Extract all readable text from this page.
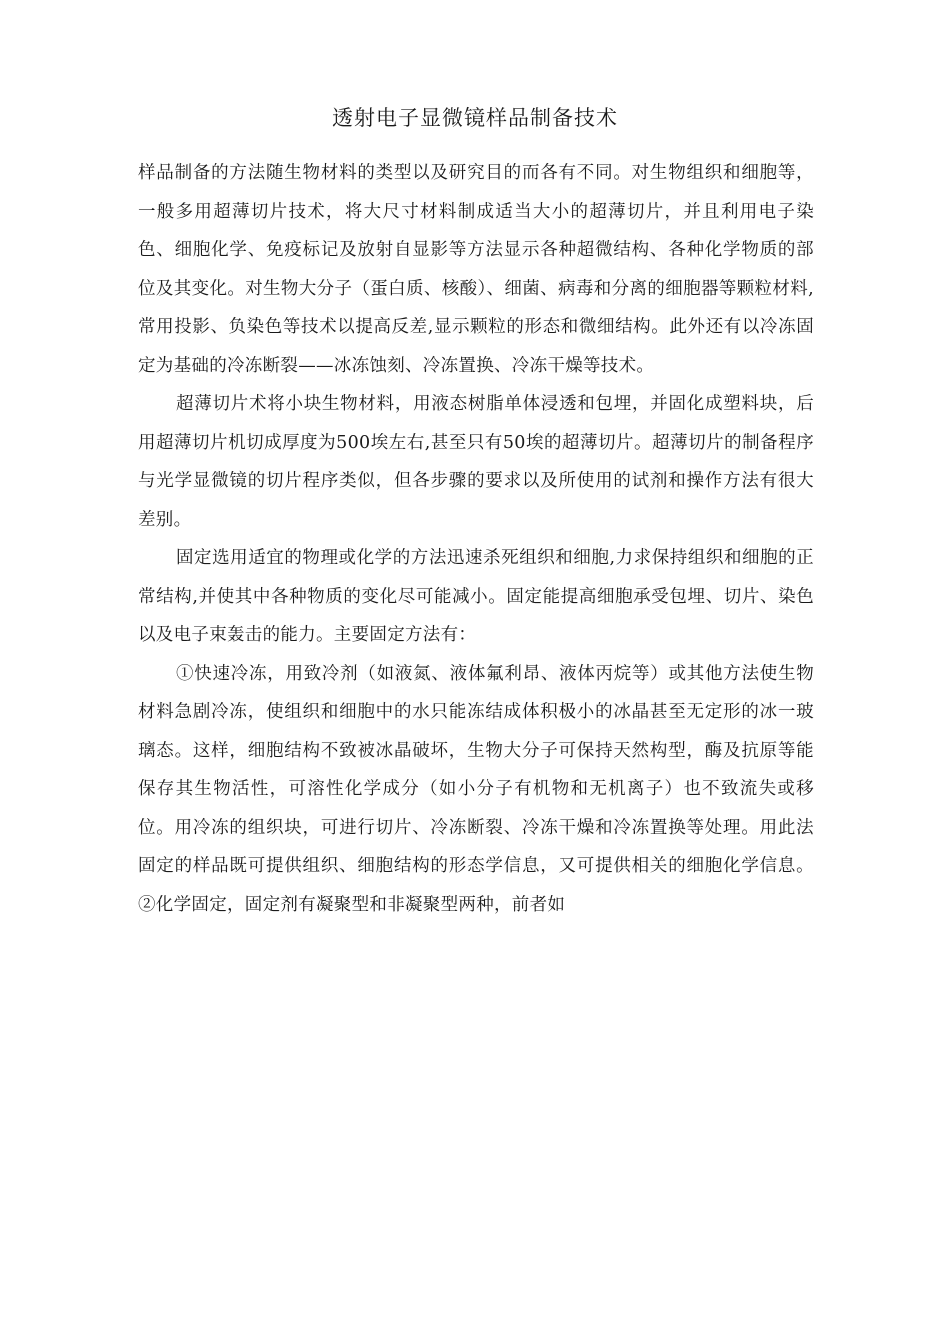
透射电子显微镜样品制备技术

样品制备的方法随生物材料的类型以及研究目的而各有不同。对生物组织和细胞等，一般多用超薄切片技术，将大尺寸材料制成适当大小的超薄切片，并且利用电子染色、细胞化学、免疫标记及放射自显影等方法显示各种超微结构、各种化学物质的部位及其变化。对生物大分子（蛋白质、核酸）、细菌、病毒和分离的细胞器等颗粒材料,常用投影、负染色等技术以提高反差,显示颗粒的形态和微细结构。此外还有以冷冻固定为基础的冷冻断裂——冰冻蚀刻、冷冻置换、冷冻干燥等技术。

超薄切片术将小块生物材料，用液态树脂单体浸透和包埋，并固化成塑料块，后用超薄切片机切成厚度为500埃左右,甚至只有50埃的超薄切片。超薄切片的制备程序与光学显微镜的切片程序类似，但各步骤的要求以及所使用的试剂和操作方法有很大差别。

固定选用适宜的物理或化学的方法迅速杀死组织和细胞,力求保持组织和细胞的正常结构,并使其中各种物质的变化尽可能减小。固定能提高细胞承受包埋、切片、染色以及电子束轰击的能力。主要固定方法有：

①快速冷冻，用致冷剂（如液氮、液体氟利昂、液体丙烷等）或其他方法使生物材料急剧冷冻，使组织和细胞中的水只能冻结成体积极小的冰晶甚至无定形的冰一玻璃态。这样，细胞结构不致被冰晶破坏，生物大分子可保持天然构型，酶及抗原等能保存其生物活性，可溶性化学成分（如小分子有机物和无机离子）也不致流失或移位。用冷冻的组织块，可进行切片、冷冻断裂、冷冻干燥和冷冻置换等处理。用此法固定的样品既可提供组织、细胞结构的形态学信息，又可提供相关的细胞化学信息。②化学固定，固定剂有凝聚型和非凝聚型两种，前者如
